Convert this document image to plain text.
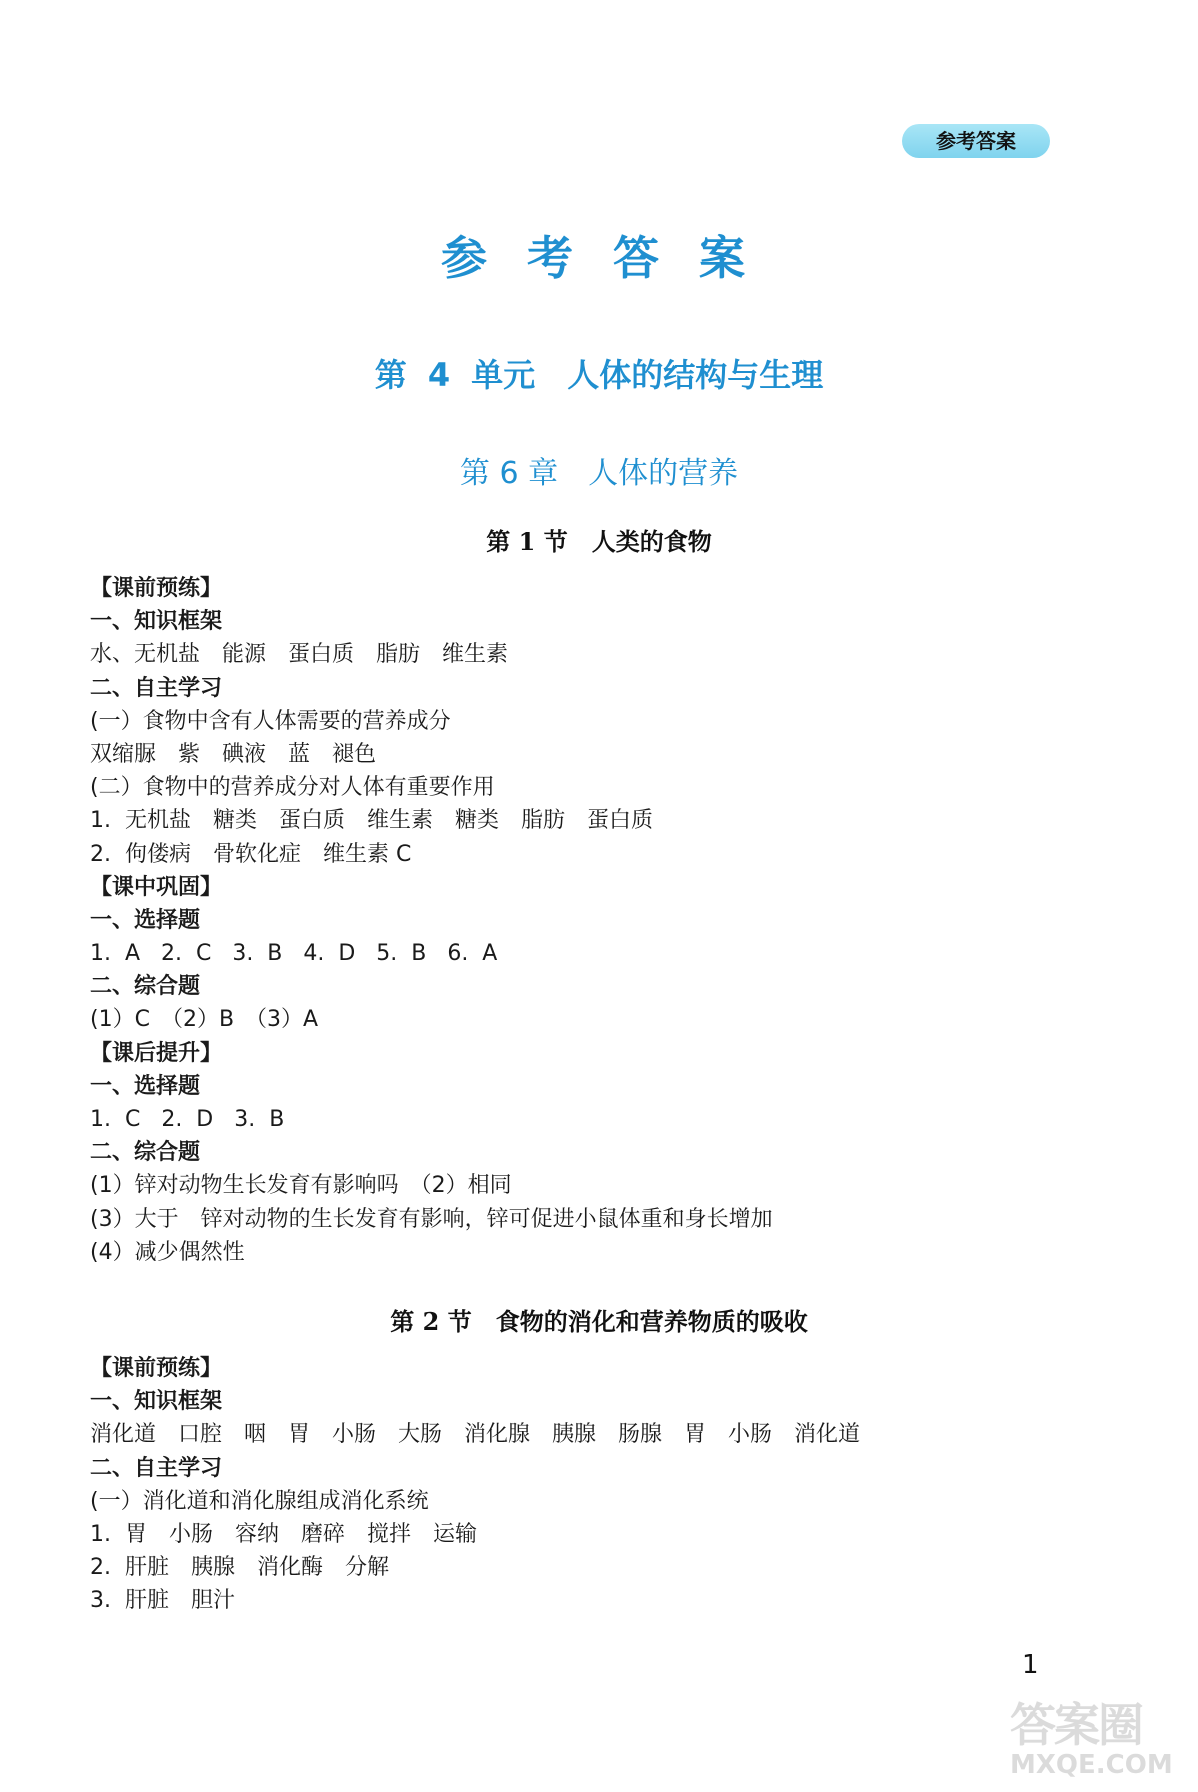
参考答案
参 考 答 案
第 4 单元　人体的结构与生理
第 6 章　人体的营养
第 1 节　人类的食物
【课前预练】
一、知识框架
水、无机盐　能源　蛋白质　脂肪　维生素
二、自主学习
(一）食物中含有人体需要的营养成分
双缩脲　紫　碘液　蓝　褪色
(二）食物中的营养成分对人体有重要作用
1.  无机盐　糖类　蛋白质　维生素　糖类　脂肪　蛋白质
2.  佝偻病　骨软化症　维生素 C
【课中巩固】
一、选择题
1.  A   2.  C   3.  B   4.  D   5.  B   6.  A
二、综合题
(1）C　（2）B　（3）A
【课后提升】
一、选择题
1.  C   2.  D   3.  B
二、综合题
(1）锌对动物生长发育有影响吗　（2）相同
(3）大于　锌对动物的生长发育有影响，锌可促进小鼠体重和身长增加
(4）减少偶然性
第 2 节　食物的消化和营养物质的吸收
【课前预练】
一、知识框架
消化道　口腔　咽　胃　小肠　大肠　消化腺　胰腺　肠腺　胃　小肠　消化道
二、自主学习
(一）消化道和消化腺组成消化系统
1.  胃　小肠　容纳　磨碎　搅拌　运输
2.  肝脏　胰腺　消化酶　分解
3.  肝脏　胆汁
1
答案圈
MXQE.COM
